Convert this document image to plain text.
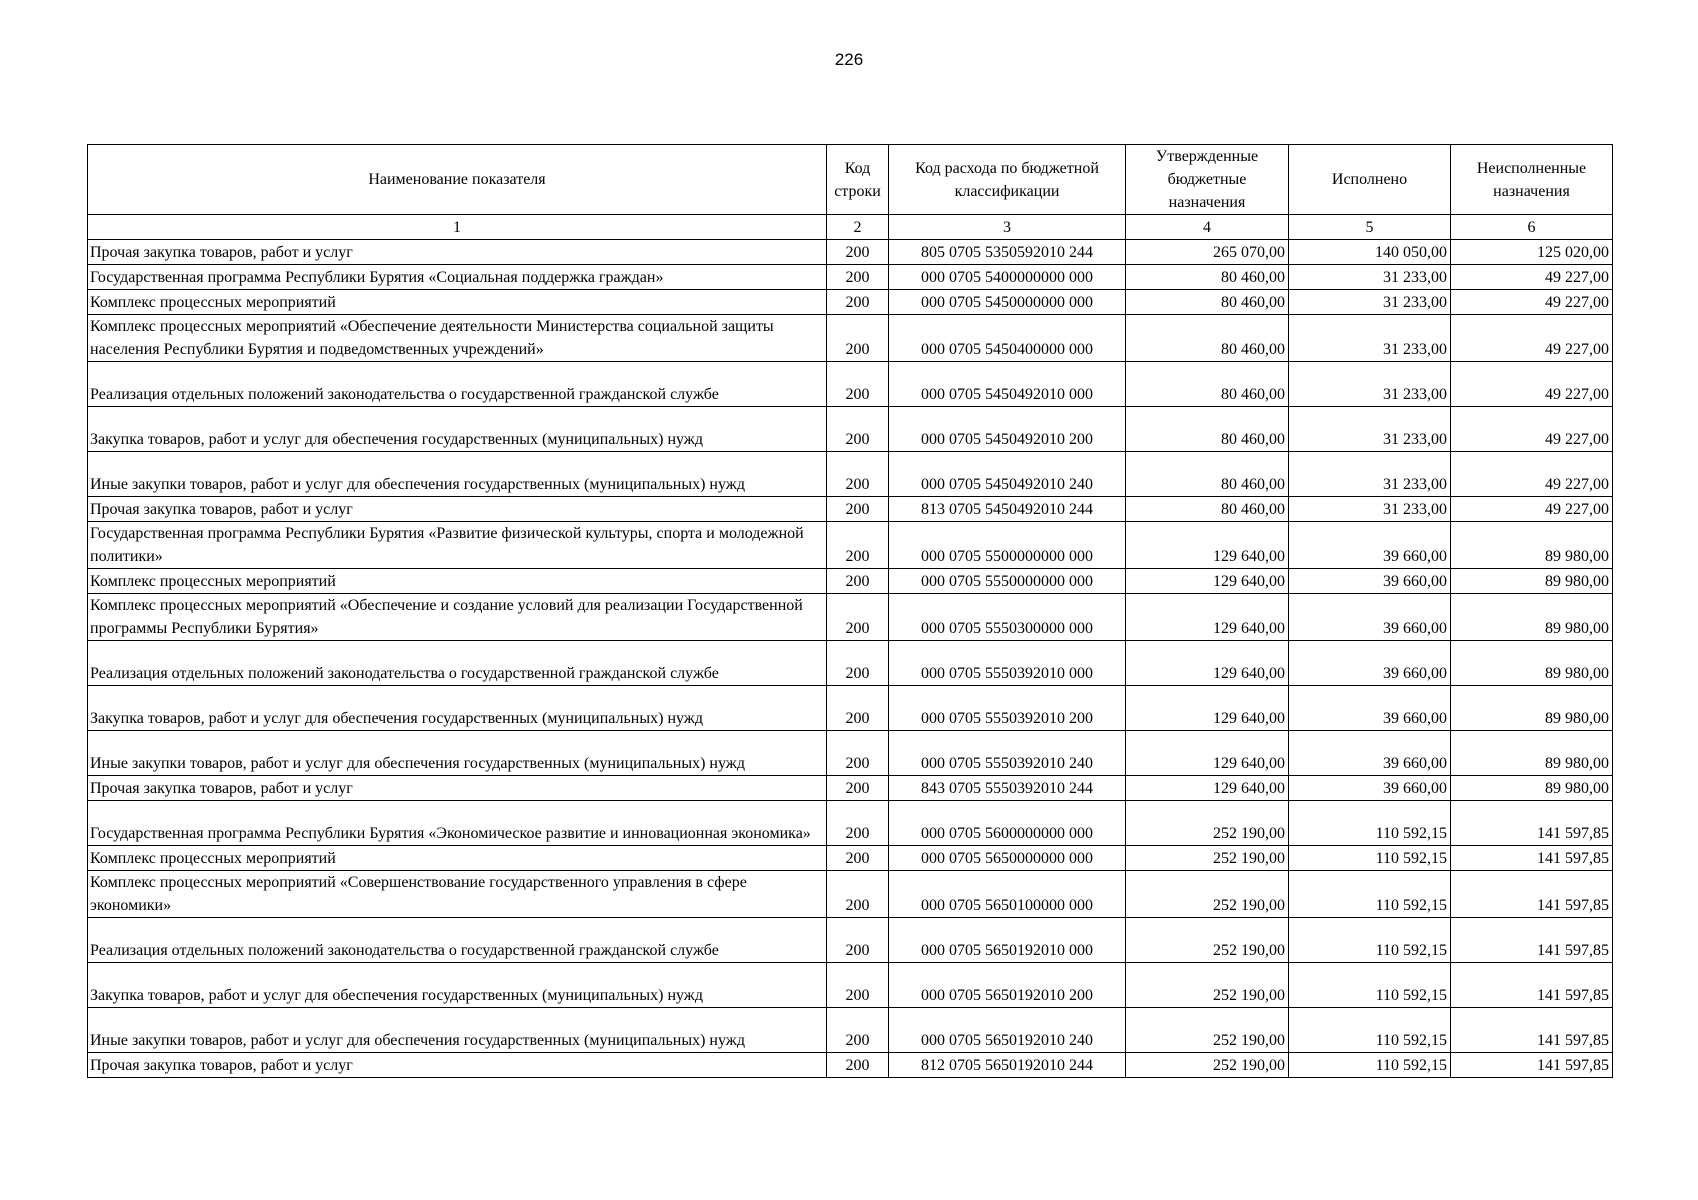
226
Наименование показателя	Код строки	Код расхода по бюджетной классификации	Утвержденные бюджетные назначения	Исполнено	Неисполненные назначения
1	2	3	4	5	6
Прочая закупка товаров, работ и услуг	200	805 0705 5350592010 244	265 070,00	140 050,00	125 020,00
Государственная программа Республики Бурятия «Социальная поддержка граждан»	200	000 0705 5400000000 000	80 460,00	31 233,00	49 227,00
Комплекс процессных мероприятий	200	000 0705 5450000000 000	80 460,00	31 233,00	49 227,00
Комплекс процессных мероприятий «Обеспечение деятельности Министерства социальной защиты населения Республики Бурятия и подведомственных учреждений»	200	000 0705 5450400000 000	80 460,00	31 233,00	49 227,00
Реализация отдельных положений законодательства о государственной гражданской службе	200	000 0705 5450492010 000	80 460,00	31 233,00	49 227,00
Закупка товаров, работ и услуг для обеспечения государственных (муниципальных) нужд	200	000 0705 5450492010 200	80 460,00	31 233,00	49 227,00
Иные закупки товаров, работ и услуг для обеспечения государственных (муниципальных) нужд	200	000 0705 5450492010 240	80 460,00	31 233,00	49 227,00
Прочая закупка товаров, работ и услуг	200	813 0705 5450492010 244	80 460,00	31 233,00	49 227,00
Государственная программа Республики Бурятия «Развитие физической культуры, спорта и молодежной политики»	200	000 0705 5500000000 000	129 640,00	39 660,00	89 980,00
Комплекс процессных мероприятий	200	000 0705 5550000000 000	129 640,00	39 660,00	89 980,00
Комплекс процессных мероприятий «Обеспечение и создание условий для реализации Государственной программы Республики Бурятия»	200	000 0705 5550300000 000	129 640,00	39 660,00	89 980,00
Реализация отдельных положений законодательства о государственной гражданской службе	200	000 0705 5550392010 000	129 640,00	39 660,00	89 980,00
Закупка товаров, работ и услуг для обеспечения государственных (муниципальных) нужд	200	000 0705 5550392010 200	129 640,00	39 660,00	89 980,00
Иные закупки товаров, работ и услуг для обеспечения государственных (муниципальных) нужд	200	000 0705 5550392010 240	129 640,00	39 660,00	89 980,00
Прочая закупка товаров, работ и услуг	200	843 0705 5550392010 244	129 640,00	39 660,00	89 980,00
Государственная программа Республики Бурятия «Экономическое развитие и инновационная экономика»	200	000 0705 5600000000 000	252 190,00	110 592,15	141 597,85
Комплекс процессных мероприятий	200	000 0705 5650000000 000	252 190,00	110 592,15	141 597,85
Комплекс процессных мероприятий «Совершенствование государственного управления в сфере экономики»	200	000 0705 5650100000 000	252 190,00	110 592,15	141 597,85
Реализация отдельных положений законодательства о государственной гражданской службе	200	000 0705 5650192010 000	252 190,00	110 592,15	141 597,85
Закупка товаров, работ и услуг для обеспечения государственных (муниципальных) нужд	200	000 0705 5650192010 200	252 190,00	110 592,15	141 597,85
Иные закупки товаров, работ и услуг для обеспечения государственных (муниципальных) нужд	200	000 0705 5650192010 240	252 190,00	110 592,15	141 597,85
Прочая закупка товаров, работ и услуг	200	812 0705 5650192010 244	252 190,00	110 592,15	141 597,85
